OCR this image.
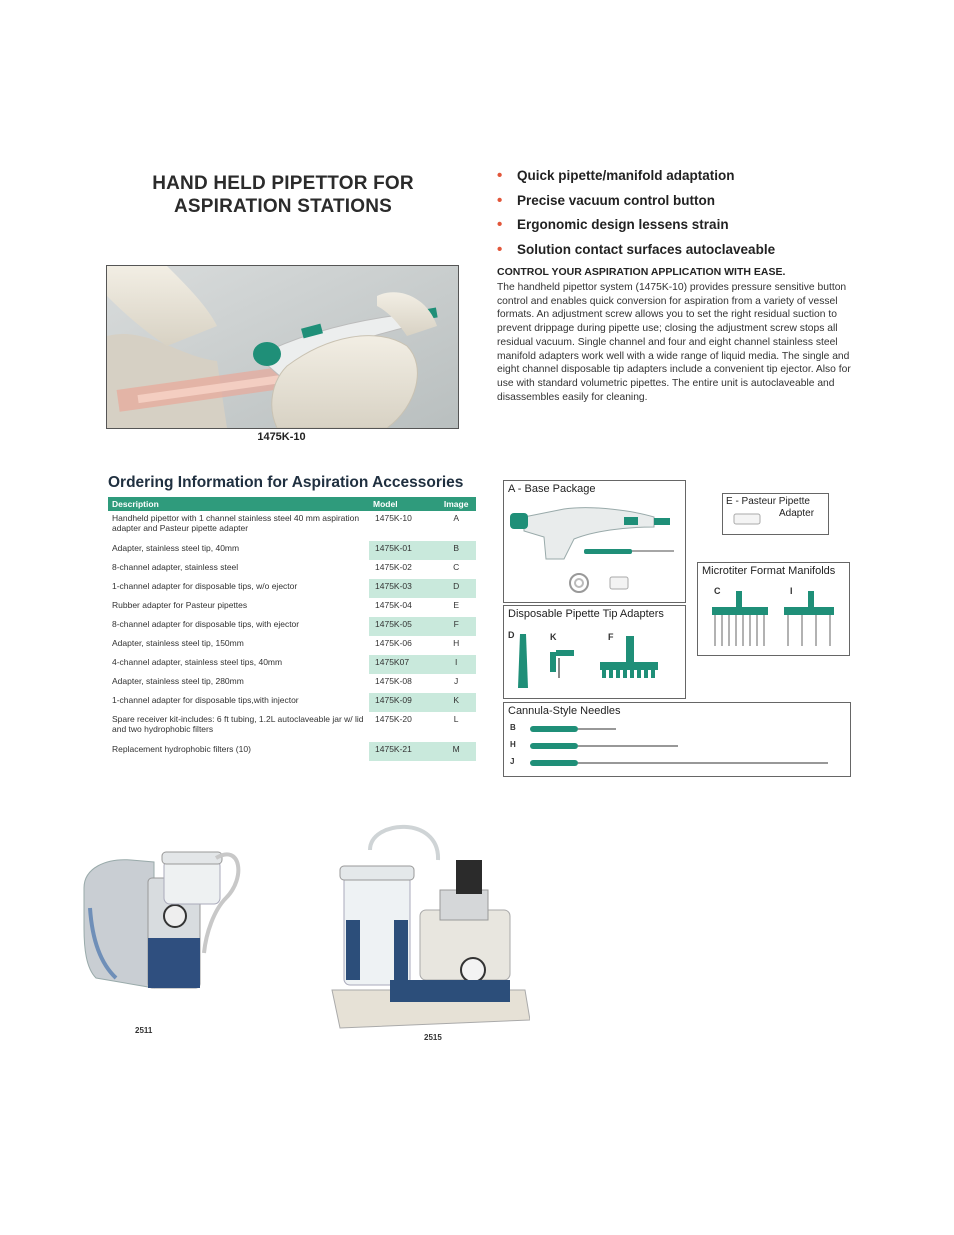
HAND HELD PIPETTOR FOR
ASPIRATION STATIONS
• Quick pipette/manifold adaptation
• Precise vacuum control button
• Ergonomic design lessens strain
• Solution contact surfaces autoclaveable
1475K-10
CONTROL YOUR ASPIRATION APPLICATION WITH EASE.
The handheld pipettor system (1475K-10) provides pressure sensitive button control and enables quick conversion for aspiration from a variety of vessel formats. An adjustment screw allows you to set the right residual suction to prevent drippage during pipette use; closing the adjustment screw stops all residual vacuum. Single channel and four and eight channel stainless steel manifold adapters work well with a wide range of liquid media. The single and eight channel disposable tip adapters include a convenient tip ejector. Also for use with standard volumetric pipettes. The entire unit is autoclaveable and disassembles easily for cleaning.
Ordering Information for Aspiration Accessories
Description	Model	Image
Handheld pipettor with 1 channel stainless steel 40 mm aspiration adapter and Pasteur pipette adapter	1475K-10	A
Adapter, stainless steel tip, 40mm	1475K-01	B
8-channel adapter, stainless steel	1475K-02	C
1-channel adapter for disposable tips, w/o ejector	1475K-03	D
Rubber adapter for Pasteur pipettes	1475K-04	E
8-channel adapter for disposable tips, with ejector	1475K-05	F
Adapter, stainless steel tip, 150mm	1475K-06	H
4-channel adapter, stainless steel tips, 40mm	1475K07	I
Adapter, stainless steel tip, 280mm	1475K-08	J
1-channel adapter for disposable tips,with injector	1475K-09	K
Spare receiver kit-includes: 6 ft tubing, 1.2L autoclaveable jar w/ lid and two hydrophobic filters	1475K-20	L
Replacement hydrophobic filters (10)	1475K-21	M
A - Base Package
E - Pasteur Pipette
Adapter
Microtiter Format Manifolds
C	I
Disposable Pipette Tip Adapters
D	K	F
Cannula-Style Needles
B
H
J
2511
2515
